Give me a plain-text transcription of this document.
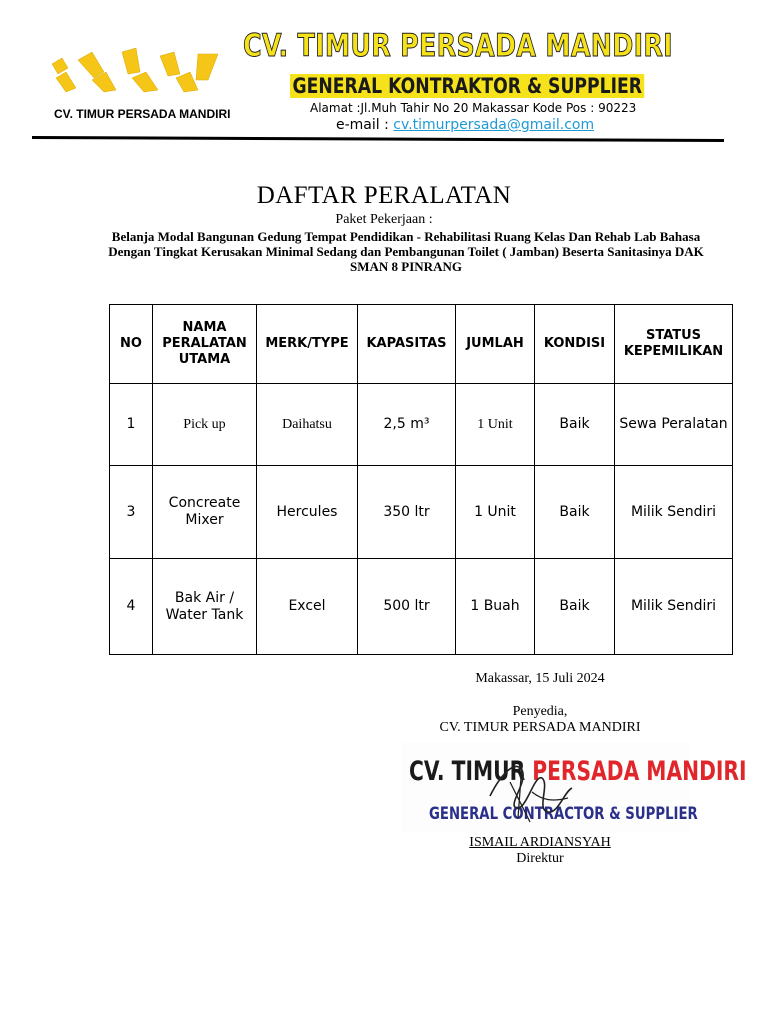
CV. TIMUR PERSADA MANDIRI
CV. TIMUR PERSADA MANDIRI
GENERAL KONTRAKTOR & SUPPLIER
Alamat :Jl.Muh Tahir No 20 Makassar Kode Pos : 90223
e-mail : cv.timurpersada@gmail.com
DAFTAR PERALATAN
Paket Pekerjaan :
Belanja Modal Bangunan Gedung Tempat Pendidikan - Rehabilitasi Ruang Kelas Dan Rehab Lab Bahasa Dengan Tingkat Kerusakan Minimal Sedang dan Pembangunan Toilet ( Jamban) Beserta Sanitasinya DAK SMAN 8 PINRANG
NO	NAMA PERALATAN UTAMA	MERK/TYPE	KAPASITAS	JUMLAH	KONDISI	STATUS KEPEMILIKAN
1	Pick up	Daihatsu	2,5 m³	1 Unit	Baik	Sewa Peralatan
3	Concreate Mixer	Hercules	350 ltr	1 Unit	Baik	Milik Sendiri
4	Bak Air / Water Tank	Excel	500 ltr	1 Buah	Baik	Milik Sendiri
Makassar, 15 Juli 2024
Penyedia,
CV. TIMUR PERSADA MANDIRI
CV. TIMUR PERSADA MANDIRI
GENERAL CONTRACTOR & SUPPLIER
ISMAIL ARDIANSYAH
Direktur
